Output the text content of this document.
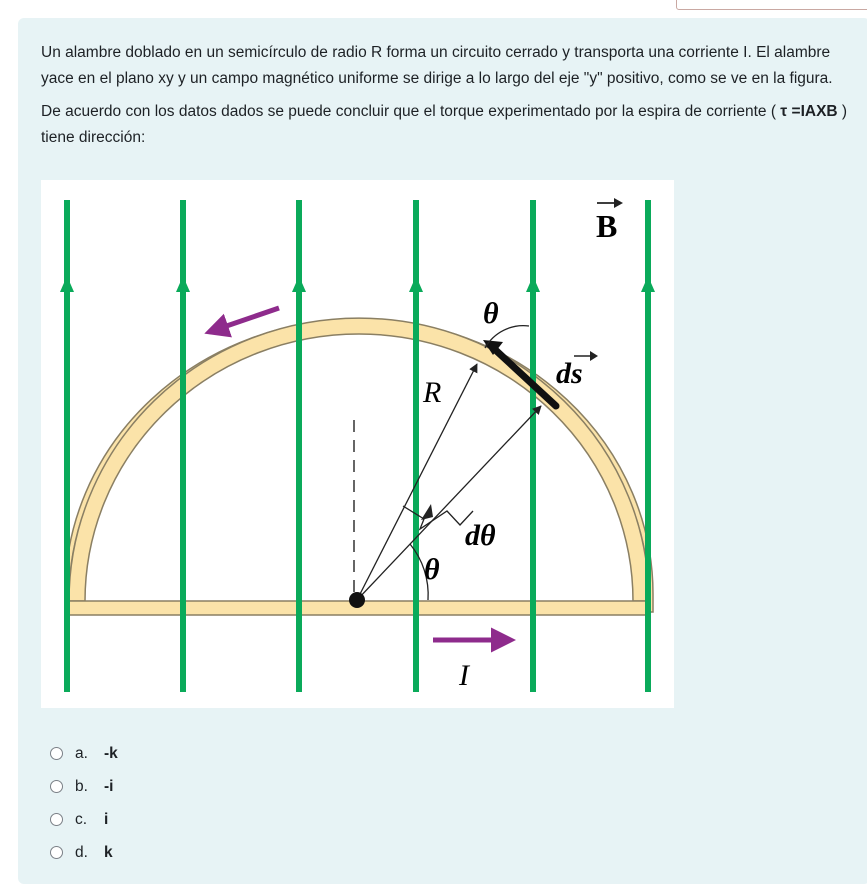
Un alambre doblado en un semicírculo de radio R forma un circuito cerrado y transporta una corriente I. El alambre yace en el plano xy y un campo magnético uniforme se dirige a lo largo del eje "y" positivo, como se ve en la figura.

De acuerdo con los datos dados se puede concluir que el torque experimentado por la espira de corriente ( τ =IAXB ) tiene dirección:

B
θ
R
ds
dθ
θ
I
a.	-k
b.	-i
c.	i
d.	k
